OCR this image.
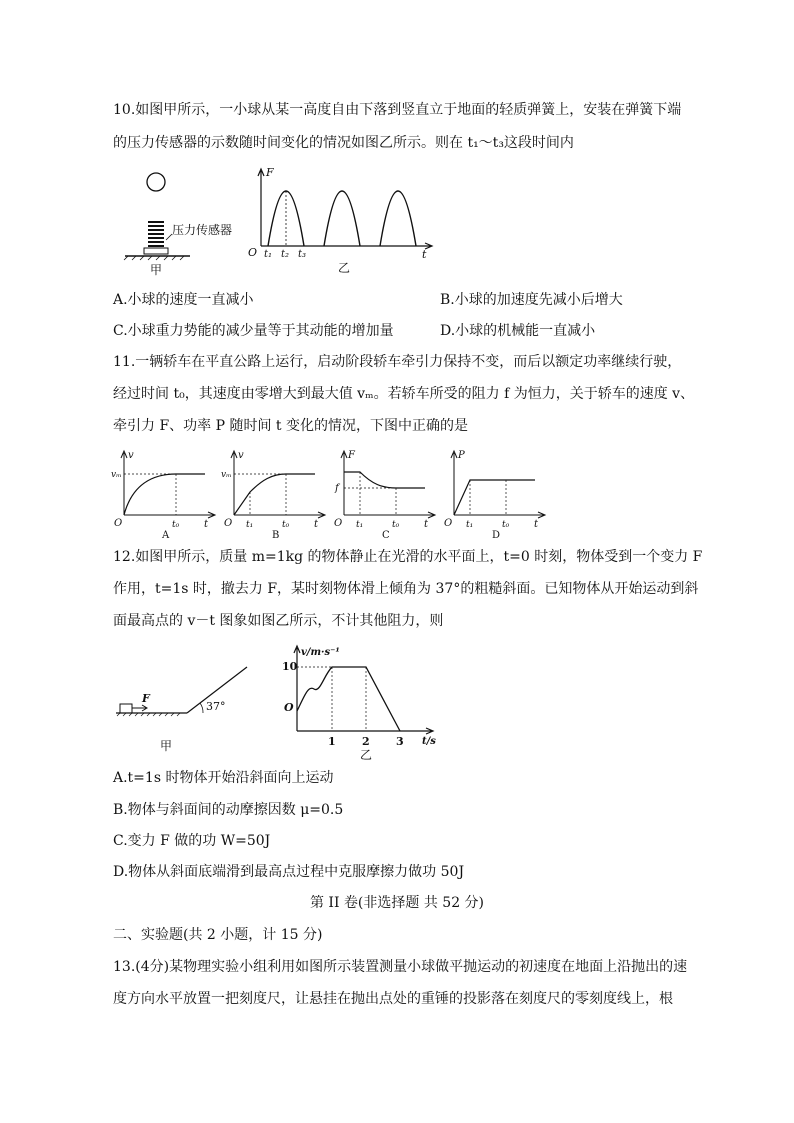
10.如图甲所示，一小球从某一高度自由下落到竖直立于地面的轻质弹簧上，安装在弹簧下端
的压力传感器的示数随时间变化的情况如图乙所示。则在 t₁～t₃这段时间内
压力传感器
甲
F
t
O t₁ t₂ t₃
乙
A.小球的速度一直减小	B.小球的加速度先减小后增大
C.小球重力势能的减少量等于其动能的增加量	D.小球的机械能一直减小
11.一辆轿车在平直公路上运行，启动阶段轿车牵引力保持不变，而后以额定功率继续行驶，
经过时间 t₀，其速度由零增大到最大值 vₘ。若轿车所受的阻力 f 为恒力，关于轿车的速度 v、
牵引力 F、功率 P 随时间 t 变化的情况，下图中正确的是
v
vₘ
t
O	t₀
A
v
vₘ
t
O t₁	t₀
B
F
f
t
O t₁	t₀
C
P
t
O t₁	t₀
D
12.如图甲所示，质量 m=1kg 的物体静止在光滑的水平面上，t=0 时刻，物体受到一个变力 F
作用，t=1s 时，撤去力 F，某时刻物体滑上倾角为 37°的粗糙斜面。已知物体从开始运动到斜
面最高点的 v－t 图象如图乙所示，不计其他阻力，则
F
37°
甲
v/m·s⁻¹
t/s
O
10
1 2 3
乙
A.t=1s 时物体开始沿斜面向上运动
B.物体与斜面间的动摩擦因数 μ=0.5
C.变力 F 做的功 W=50J
D.物体从斜面底端滑到最高点过程中克服摩擦力做功 50J
第 II 卷(非选择题 共 52 分)
二、实验题(共 2 小题，计 15 分)
13.(4分)某物理实验小组利用如图所示装置测量小球做平抛运动的初速度在地面上沿抛出的速
度方向水平放置一把刻度尺，让悬挂在抛出点处的重锤的投影落在刻度尺的零刻度线上，根
